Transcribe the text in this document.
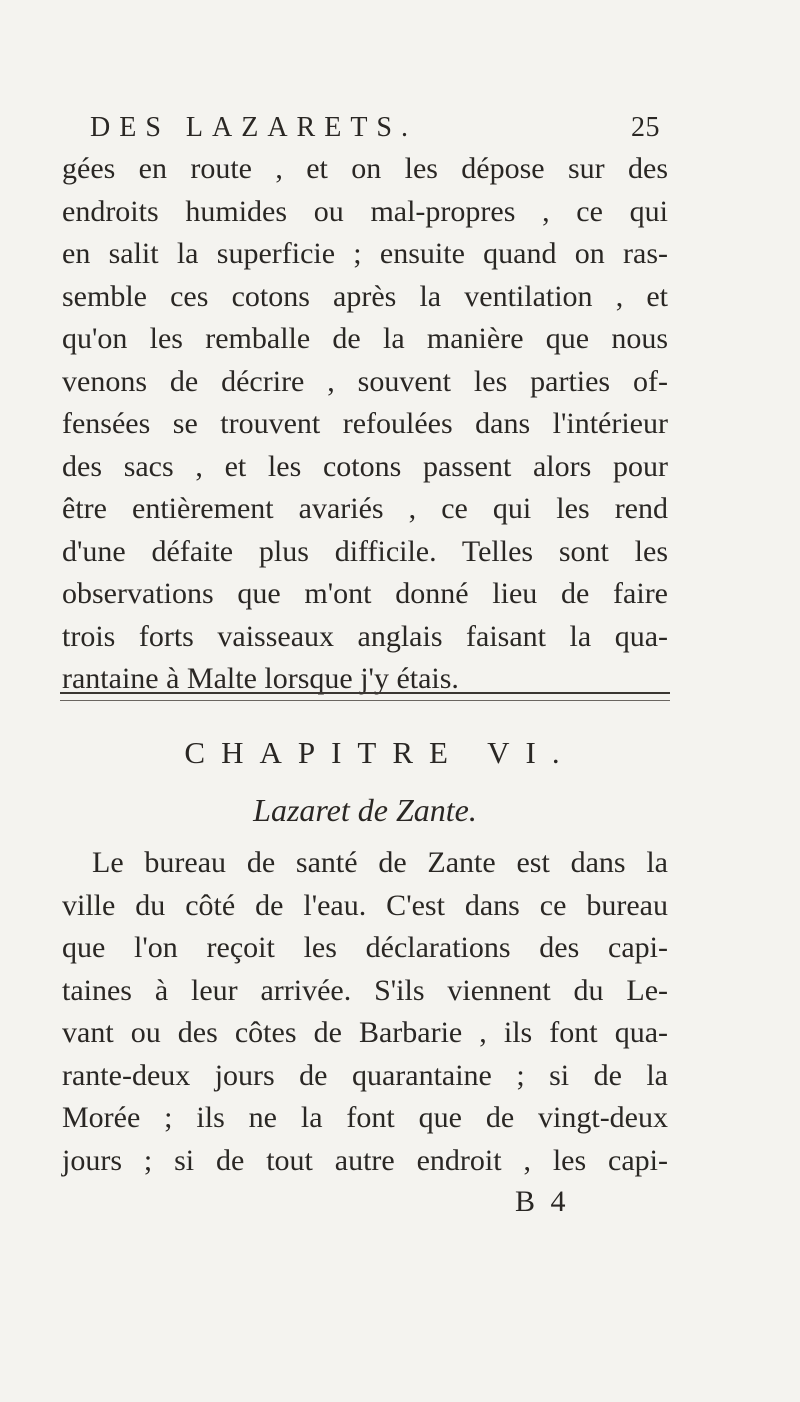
DES LAZARETS.	25
gées en route , et on les dépose sur des
endroits humides ou mal-propres , ce qui
en salit la superficie ; ensuite quand on ras-
semble ces cotons après la ventilation , et
qu'on les remballe de la manière que nous
venons de décrire , souvent les parties of-
fensées se trouvent refoulées dans l'intérieur
des sacs , et les cotons passent alors pour
être entièrement avariés , ce qui les rend
d'une défaite plus difficile. Telles sont les
observations que m'ont donné lieu de faire
trois forts vaisseaux anglais faisant la qua-
rantaine à Malte lorsque j'y étais.
CHAPITRE VI.
Lazaret de Zante.
Le bureau de santé de Zante est dans la
ville du côté de l'eau. C'est dans ce bureau
que l'on reçoit les déclarations des capi-
taines à leur arrivée. S'ils viennent du Le-
vant ou des côtes de Barbarie , ils font qua-
rante-deux jours de quarantaine ; si de la
Morée ; ils ne la font que de vingt-deux
jours ; si de tout autre endroit , les capi-
B 4
